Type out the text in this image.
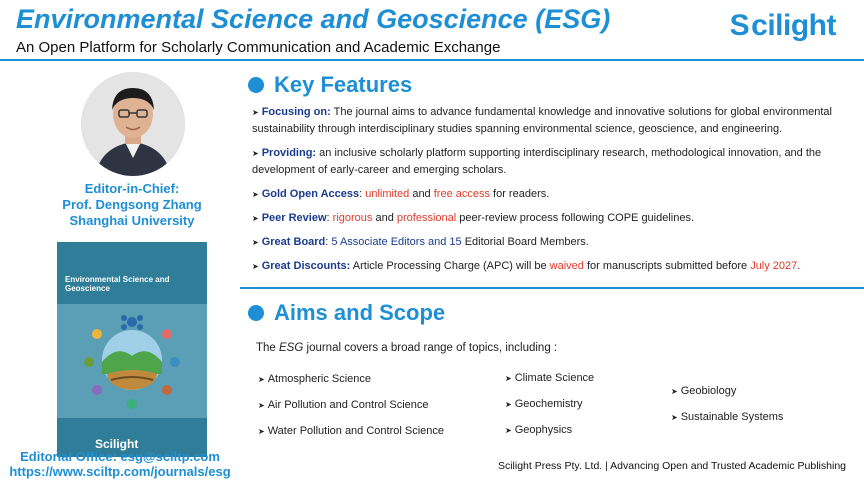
Environmental Science and Geoscience (ESG)
An Open Platform for Scholarly Communication and Academic Exchange
S cilight
Editor-in-Chief:
Prof. Dengsong Zhang
Shanghai University
Environmental Science and Geoscience
Scilight
Editorial Office: esg@sciltp.com
https://www.sciltp.com/journals/esg
Key Features
➤ Focusing on: The journal aims to advance fundamental knowledge and innovative solutions for global environmental sustainability through interdisciplinary studies spanning environmental science, geoscience, and engineering.
➤ Providing: an inclusive scholarly platform supporting interdisciplinary research, methodological innovation, and the development of early-career and emerging scholars.
➤ Gold Open Access: unlimited and free access for readers.
➤ Peer Review: rigorous and professional peer-review process following COPE guidelines.
➤ Great Board: 5 Associate Editors and 15 Editorial Board Members.
➤ Great Discounts: Article Processing Charge (APC) will be waived for manuscripts submitted before July 2027.
Aims and Scope
The ESG journal covers a broad range of topics, including :
➤ Atmospheric Science
➤ Air Pollution and Control Science
➤ Water Pollution and Control Science
➤ Climate Science
➤ Geochemistry
➤ Geophysics
➤ Geobiology
➤ Sustainable Systems
Scilight Press Pty. Ltd. | Advancing Open and Trusted Academic Publishing
